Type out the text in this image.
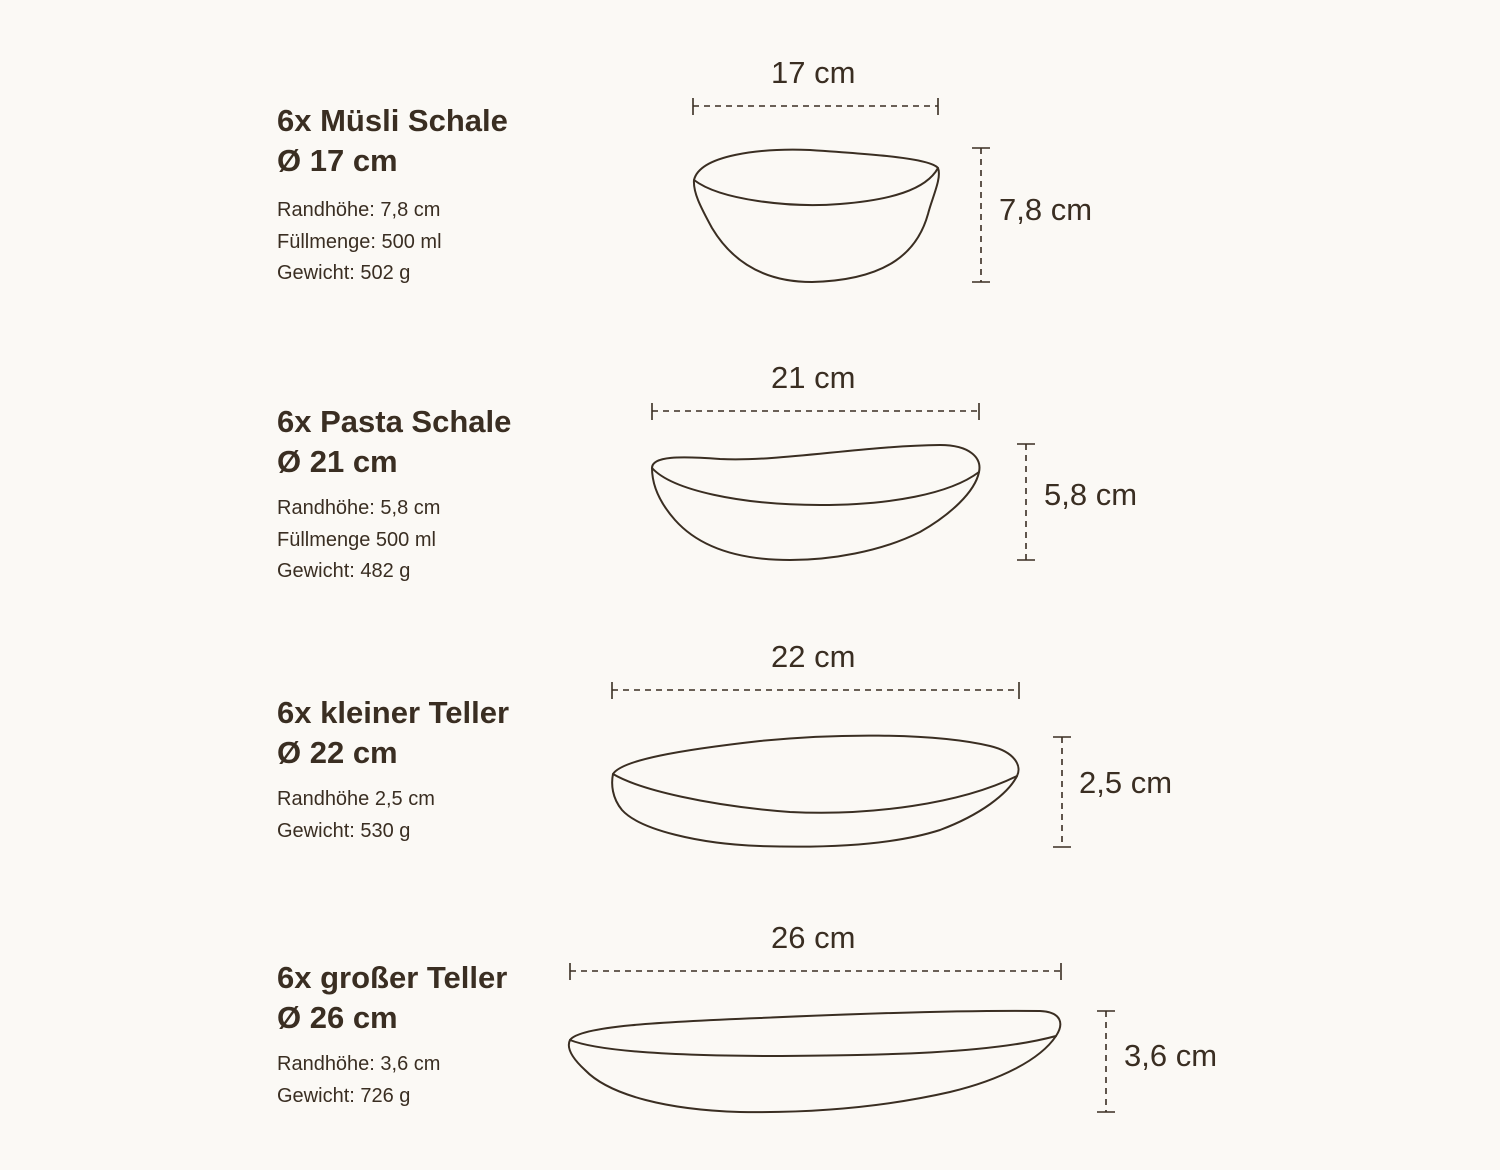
6x Müsli Schale
Ø 17 cm
Randhöhe: 7,8 cm
Füllmenge: 500 ml
Gewicht: 502 g
17 cm
7,8 cm
6x Pasta Schale
Ø 21 cm
Randhöhe: 5,8 cm
Füllmenge 500 ml
Gewicht: 482 g
21 cm
5,8 cm
6x kleiner Teller
Ø 22 cm
Randhöhe 2,5 cm
Gewicht: 530 g
22 cm
2,5 cm
6x großer Teller
Ø 26 cm
Randhöhe: 3,6 cm
Gewicht: 726 g
26 cm
3,6 cm
